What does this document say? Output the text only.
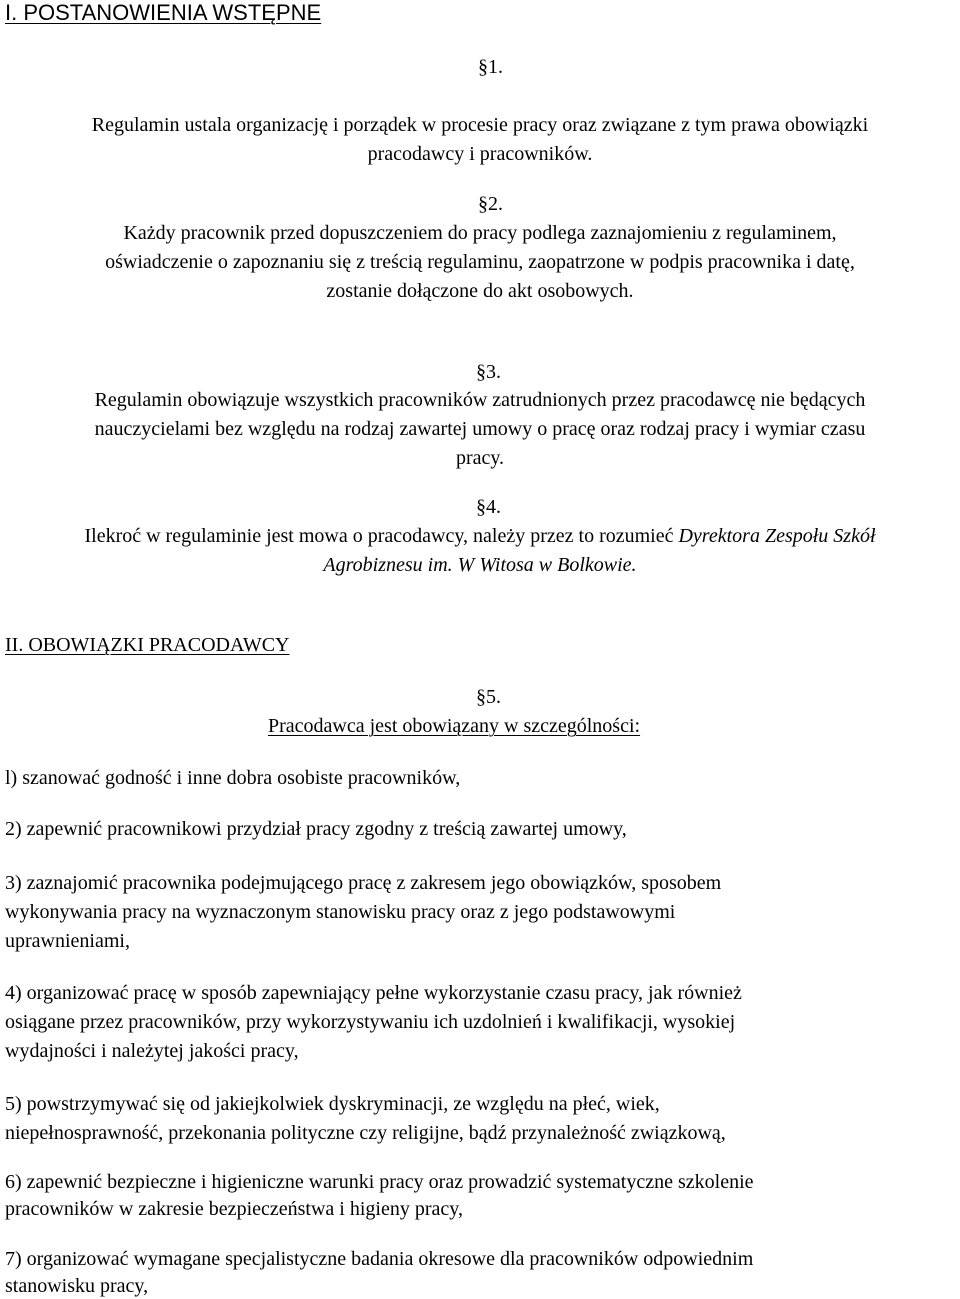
I. POSTANOWIENIA WSTĘPNE
§1.
Regulamin ustala organizację i porządek w procesie pracy oraz związane z tym prawa obowiązki
pracodawcy i pracowników.
§2.
Każdy pracownik przed dopuszczeniem do pracy podlega zaznajomieniu z regulaminem,
oświadczenie o zapoznaniu się z treścią regulaminu, zaopatrzone w podpis pracownika i datę,
zostanie dołączone do akt osobowych.
§3.
Regulamin obowiązuje wszystkich pracowników zatrudnionych przez pracodawcę nie będących
nauczycielami bez względu na rodzaj zawartej umowy o pracę oraz rodzaj pracy i wymiar czasu
pracy.
§4.
Ilekroć w regulaminie jest mowa o pracodawcy, należy przez to rozumieć Dyrektora Zespołu Szkół
Agrobiznesu im. W Witosa w Bolkowie.
II. OBOWIĄZKI PRACODAWCY
§5.
Pracodawca jest obowiązany w szczególności:
l) szanować godność i inne dobra osobiste pracowników,
2) zapewnić pracownikowi przydział pracy zgodny z treścią zawartej umowy,
3) zaznajomić pracownika podejmującego pracę z zakresem jego obowiązków, sposobem
wykonywania pracy na wyznaczonym stanowisku pracy oraz z jego podstawowymi
uprawnieniami,
4) organizować pracę w sposób zapewniający pełne wykorzystanie czasu pracy, jak również
osiągane przez pracowników, przy wykorzystywaniu ich uzdolnień i kwalifikacji, wysokiej
wydajności i należytej jakości pracy,
5) powstrzymywać się od jakiejkolwiek dyskryminacji, ze względu na płeć, wiek,
niepełnosprawność, przekonania polityczne czy religijne, bądź przynależność związkową,
6) zapewnić bezpieczne i higieniczne warunki pracy oraz prowadzić systematyczne szkolenie
pracowników w zakresie bezpieczeństwa i higieny pracy,
7) organizować wymagane specjalistyczne badania okresowe dla pracowników odpowiednim
stanowisku pracy,
